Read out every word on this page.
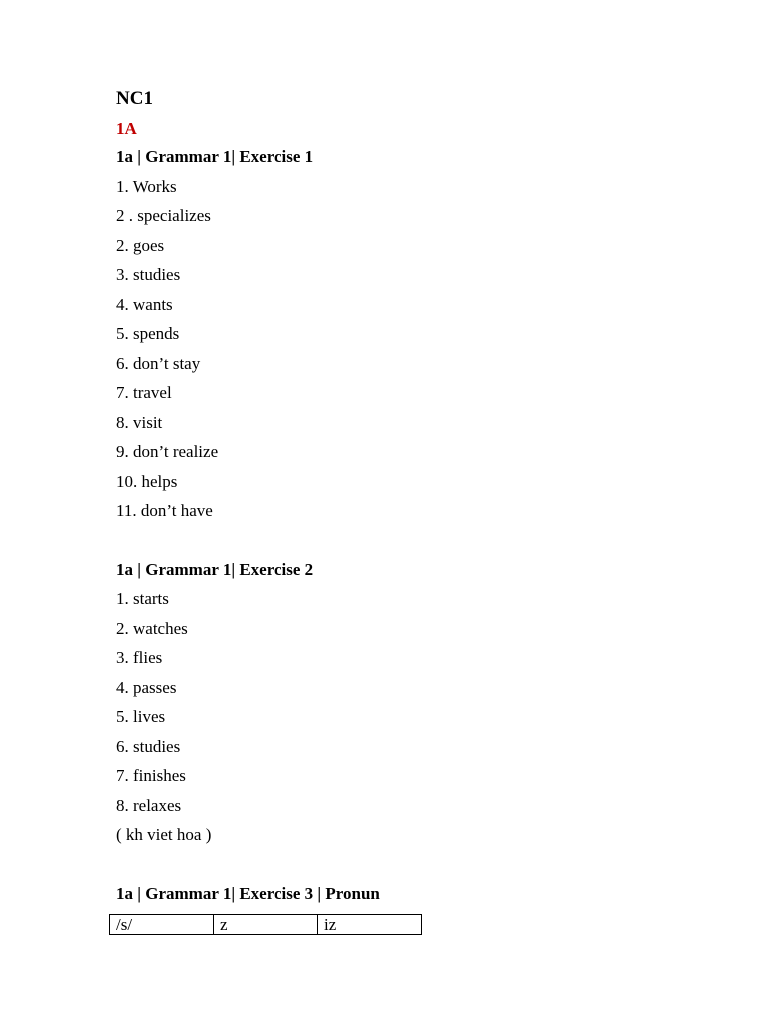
NC1
1A
1a | Grammar 1| Exercise 1
1. Works
2 . specializes
2. goes
3. studies
4. wants
5. spends
6. don’t stay
7. travel
8. visit
9. don’t realize
10. helps
11. don’t have
1a | Grammar 1| Exercise 2
1. starts
2. watches
3. flies
4. passes
5. lives
6. studies
7. finishes
8. relaxes
( kh viet hoa )
1a | Grammar 1| Exercise 3 | Pronun
/s/	z	iz
